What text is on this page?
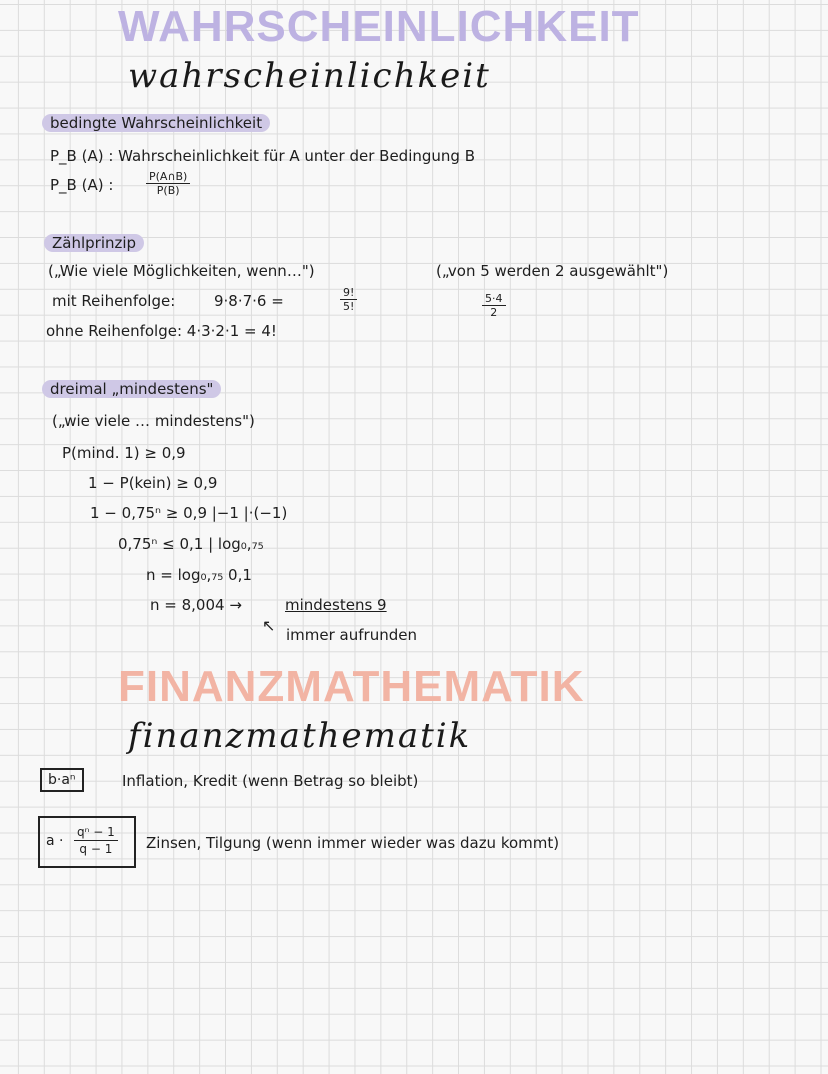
WAHRSCHEINLICHKEIT
wahrscheinlichkeit
bedingte Wahrscheinlichkeit
P_B (A) : Wahrscheinlichkeit für A unter der Bedingung B
P_B (A) :	$\frac{P(A\cap B)}{P(B)}$
Zählprinzip
(„Wie viele Möglichkeiten, wenn…")
mit Reihenfolge:	9·8·7·6 =	$\frac{9!}{5!}$
ohne Reihenfolge: 4·3·2·1 = 4!
(„von 5 werden 2 ausgewählt")
$\frac{5\cdot 4}{2}$
dreimal „mindestens"
(„wie viele … mindestens")
P(mind. 1) ≥ 0,9
1 − P(kein) ≥ 0,9
1 − 0,75ⁿ ≥ 0,9 |−1 |·(−1)
0,75ⁿ ≤ 0,1 | log₀,₇₅
n = log₀,₇₅ 0,1
n = 8,004 →	mindestens 9
↖ immer aufrunden
FINANZMATHEMATIK
finanzmathematik
b·aⁿ	Inflation, Kredit (wenn Betrag so bleibt)
$a \cdot \frac{\text{qⁿ − 1}}{q - 1}$ Zinsen, Tilgung (wenn immer wieder was dazu kommt)
